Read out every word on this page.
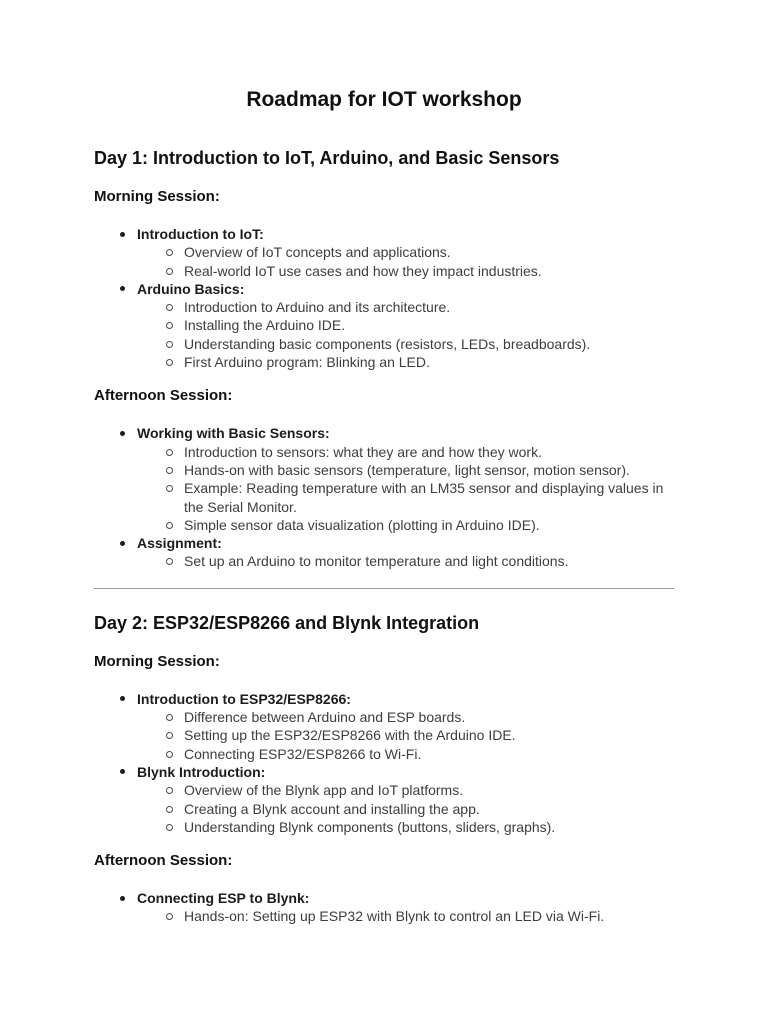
Roadmap for IOT workshop
Day 1: Introduction to IoT, Arduino, and Basic Sensors
Morning Session:
Introduction to IoT:
Overview of IoT concepts and applications.
Real-world IoT use cases and how they impact industries.
Arduino Basics:
Introduction to Arduino and its architecture.
Installing the Arduino IDE.
Understanding basic components (resistors, LEDs, breadboards).
First Arduino program: Blinking an LED.
Afternoon Session:
Working with Basic Sensors:
Introduction to sensors: what they are and how they work.
Hands-on with basic sensors (temperature, light sensor, motion sensor).
Example: Reading temperature with an LM35 sensor and displaying values in the Serial Monitor.
Simple sensor data visualization (plotting in Arduino IDE).
Assignment:
Set up an Arduino to monitor temperature and light conditions.
Day 2: ESP32/ESP8266 and Blynk Integration
Morning Session:
Introduction to ESP32/ESP8266:
Difference between Arduino and ESP boards.
Setting up the ESP32/ESP8266 with the Arduino IDE.
Connecting ESP32/ESP8266 to Wi-Fi.
Blynk Introduction:
Overview of the Blynk app and IoT platforms.
Creating a Blynk account and installing the app.
Understanding Blynk components (buttons, sliders, graphs).
Afternoon Session:
Connecting ESP to Blynk:
Hands-on: Setting up ESP32 with Blynk to control an LED via Wi-Fi.
